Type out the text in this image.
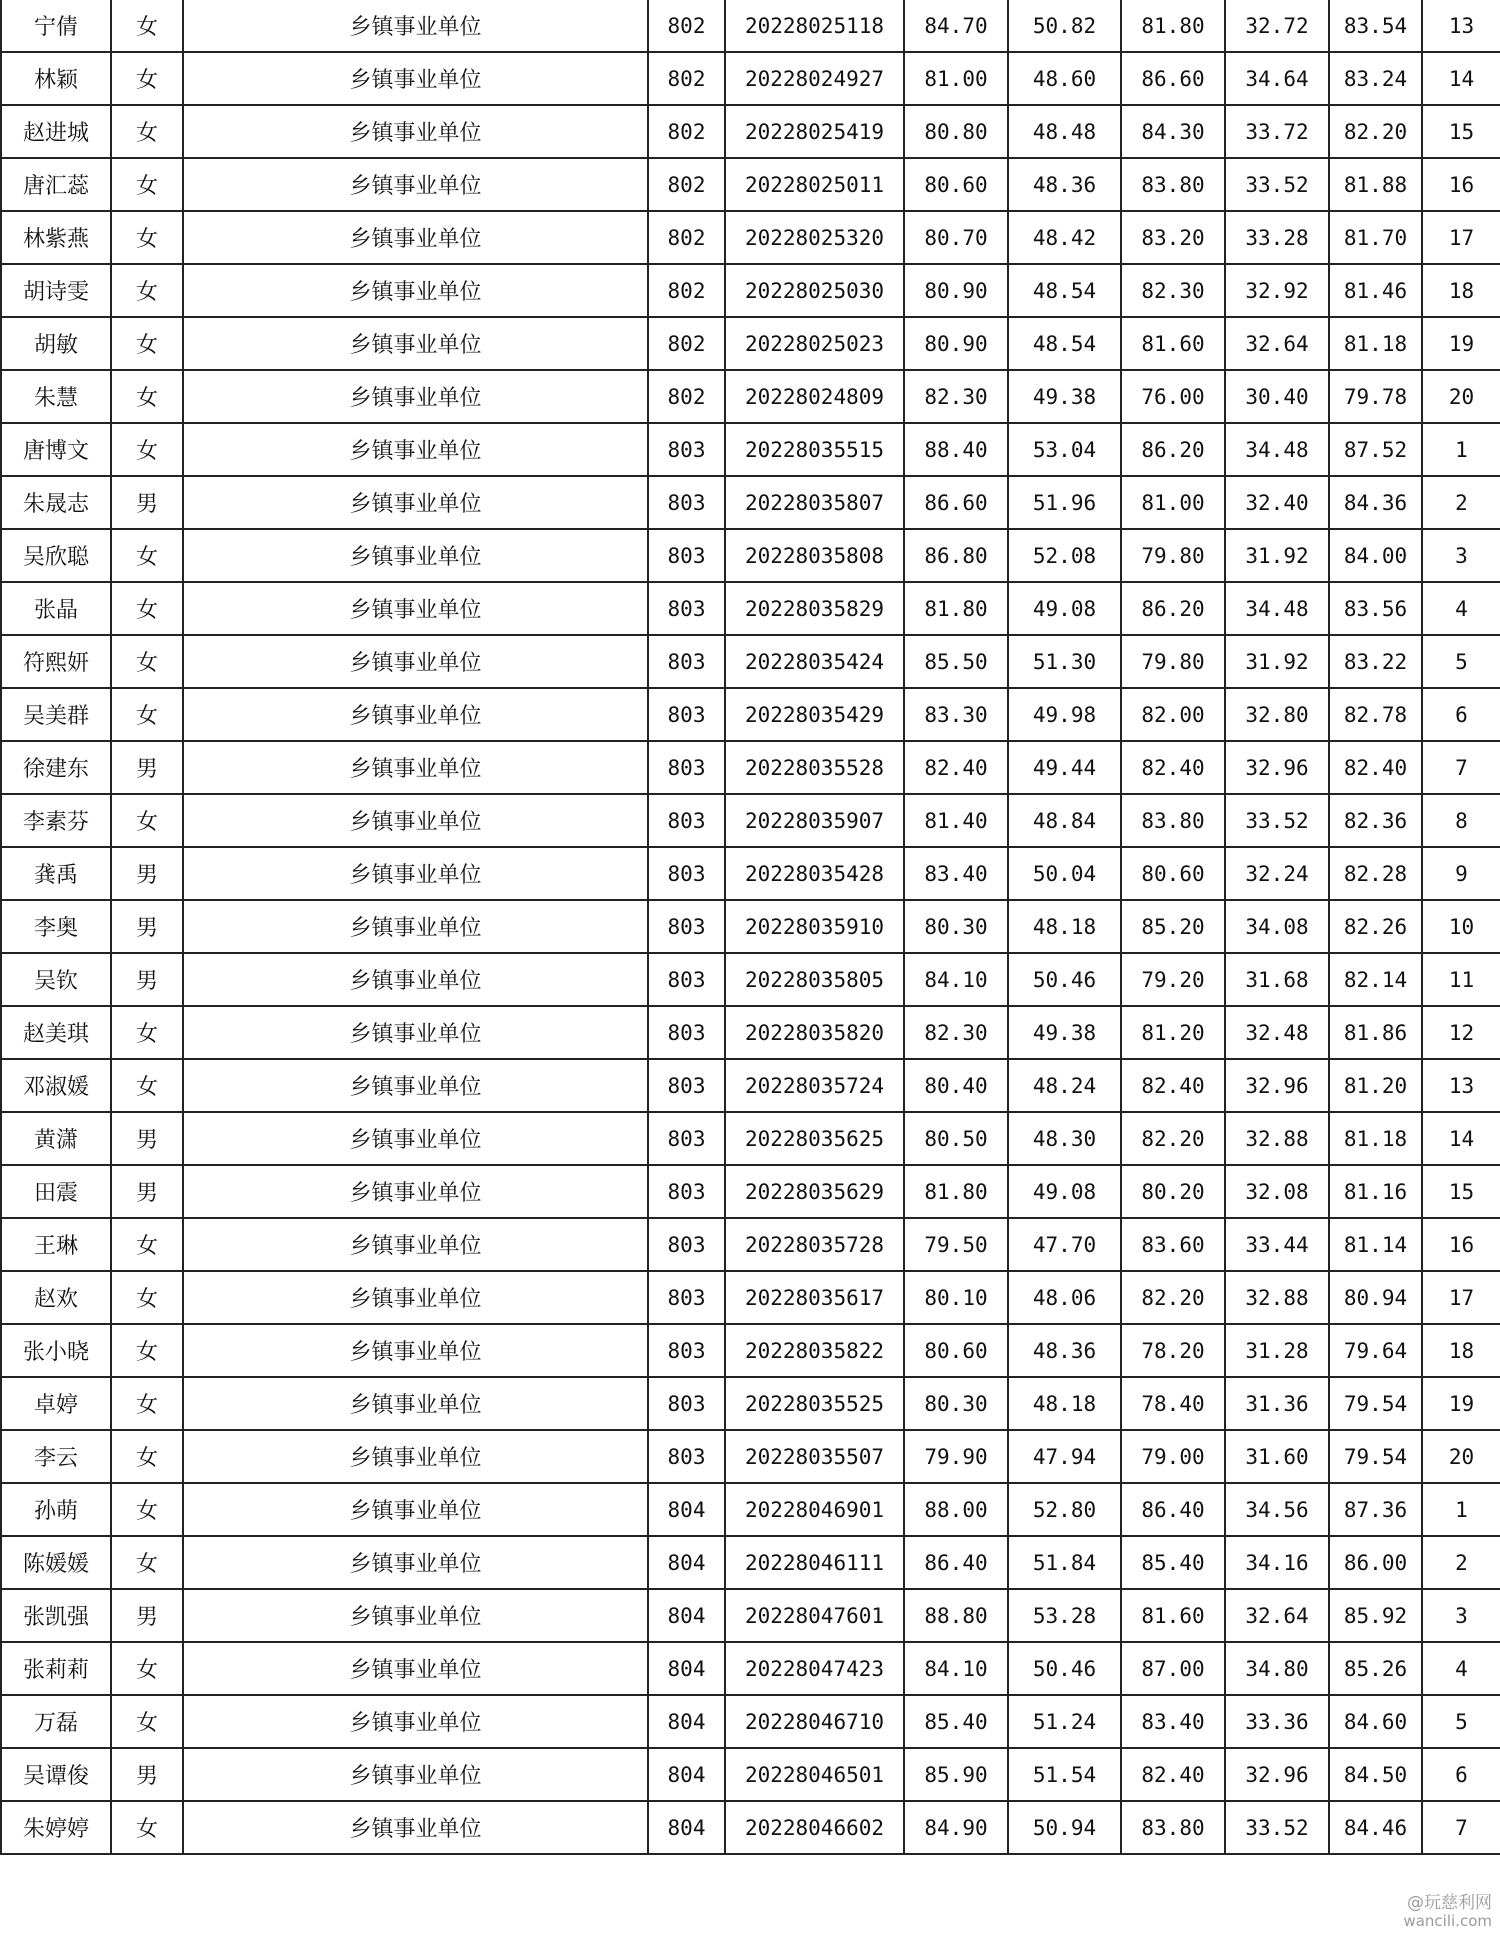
宁倩	女	乡镇事业单位	802	20228025118	84.70	50.82	81.80	32.72	83.54	13
林颖	女	乡镇事业单位	802	20228024927	81.00	48.60	86.60	34.64	83.24	14
赵进城	女	乡镇事业单位	802	20228025419	80.80	48.48	84.30	33.72	82.20	15
唐汇蕊	女	乡镇事业单位	802	20228025011	80.60	48.36	83.80	33.52	81.88	16
林紫燕	女	乡镇事业单位	802	20228025320	80.70	48.42	83.20	33.28	81.70	17
胡诗雯	女	乡镇事业单位	802	20228025030	80.90	48.54	82.30	32.92	81.46	18
胡敏	女	乡镇事业单位	802	20228025023	80.90	48.54	81.60	32.64	81.18	19
朱慧	女	乡镇事业单位	802	20228024809	82.30	49.38	76.00	30.40	79.78	20
唐博文	女	乡镇事业单位	803	20228035515	88.40	53.04	86.20	34.48	87.52	1
朱晟志	男	乡镇事业单位	803	20228035807	86.60	51.96	81.00	32.40	84.36	2
吴欣聪	女	乡镇事业单位	803	20228035808	86.80	52.08	79.80	31.92	84.00	3
张晶	女	乡镇事业单位	803	20228035829	81.80	49.08	86.20	34.48	83.56	4
符熙妍	女	乡镇事业单位	803	20228035424	85.50	51.30	79.80	31.92	83.22	5
吴美群	女	乡镇事业单位	803	20228035429	83.30	49.98	82.00	32.80	82.78	6
徐建东	男	乡镇事业单位	803	20228035528	82.40	49.44	82.40	32.96	82.40	7
李素芬	女	乡镇事业单位	803	20228035907	81.40	48.84	83.80	33.52	82.36	8
龚禹	男	乡镇事业单位	803	20228035428	83.40	50.04	80.60	32.24	82.28	9
李奥	男	乡镇事业单位	803	20228035910	80.30	48.18	85.20	34.08	82.26	10
吴钦	男	乡镇事业单位	803	20228035805	84.10	50.46	79.20	31.68	82.14	11
赵美琪	女	乡镇事业单位	803	20228035820	82.30	49.38	81.20	32.48	81.86	12
邓淑媛	女	乡镇事业单位	803	20228035724	80.40	48.24	82.40	32.96	81.20	13
黄潇	男	乡镇事业单位	803	20228035625	80.50	48.30	82.20	32.88	81.18	14
田震	男	乡镇事业单位	803	20228035629	81.80	49.08	80.20	32.08	81.16	15
王琳	女	乡镇事业单位	803	20228035728	79.50	47.70	83.60	33.44	81.14	16
赵欢	女	乡镇事业单位	803	20228035617	80.10	48.06	82.20	32.88	80.94	17
张小晓	女	乡镇事业单位	803	20228035822	80.60	48.36	78.20	31.28	79.64	18
卓婷	女	乡镇事业单位	803	20228035525	80.30	48.18	78.40	31.36	79.54	19
李云	女	乡镇事业单位	803	20228035507	79.90	47.94	79.00	31.60	79.54	20
孙萌	女	乡镇事业单位	804	20228046901	88.00	52.80	86.40	34.56	87.36	1
陈媛媛	女	乡镇事业单位	804	20228046111	86.40	51.84	85.40	34.16	86.00	2
张凯强	男	乡镇事业单位	804	20228047601	88.80	53.28	81.60	32.64	85.92	3
张莉莉	女	乡镇事业单位	804	20228047423	84.10	50.46	87.00	34.80	85.26	4
万磊	女	乡镇事业单位	804	20228046710	85.40	51.24	83.40	33.36	84.60	5
吴谭俊	男	乡镇事业单位	804	20228046501	85.90	51.54	82.40	32.96	84.50	6
朱婷婷	女	乡镇事业单位	804	20228046602	84.90	50.94	83.80	33.52	84.46	7
@玩慈利网
wancili.com
